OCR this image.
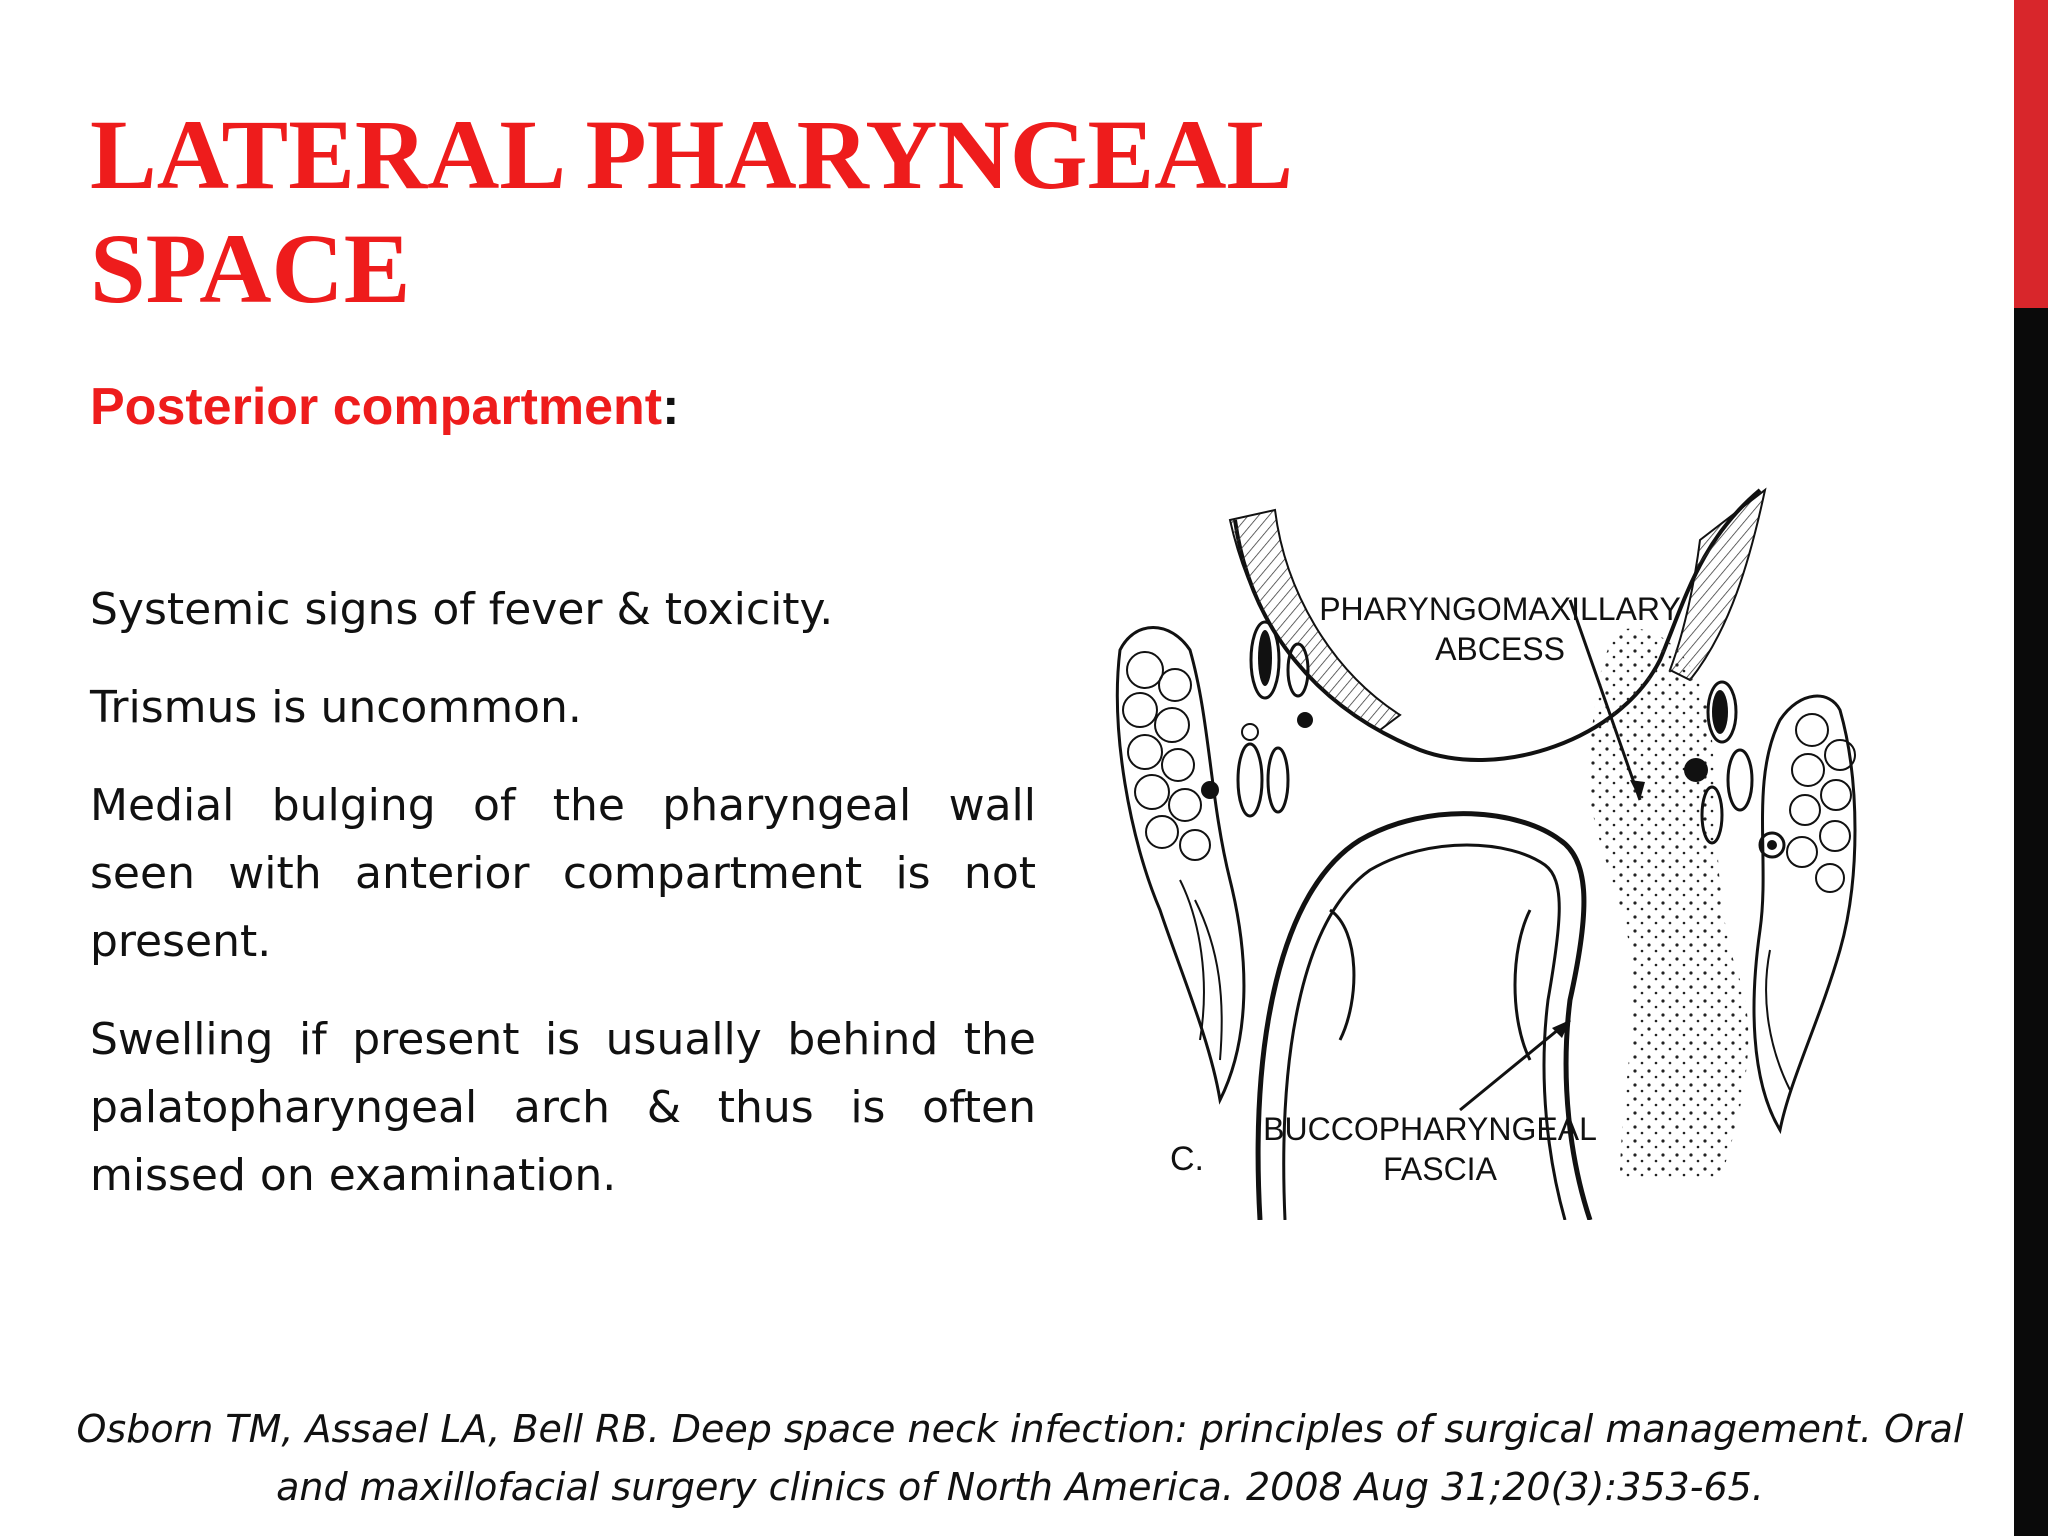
LATERAL PHARYNGEAL SPACE
Posterior compartment:
Systemic signs of fever & toxicity.
Trismus is uncommon.
Medial bulging of the pharyngeal wall seen with anterior compartment is not present.
Swelling if present is usually behind the palatopharyngeal arch & thus is often missed on examination.
PHARYNGOMAXILLARY
ABCESS
BUCCOPHARYNGEAL
FASCIA
C.

Osborn TM, Assael LA, Bell RB. Deep space neck infection: principles of surgical management. Oral and maxillofacial surgery clinics of North America. 2008 Aug 31;20(3):353-65.
